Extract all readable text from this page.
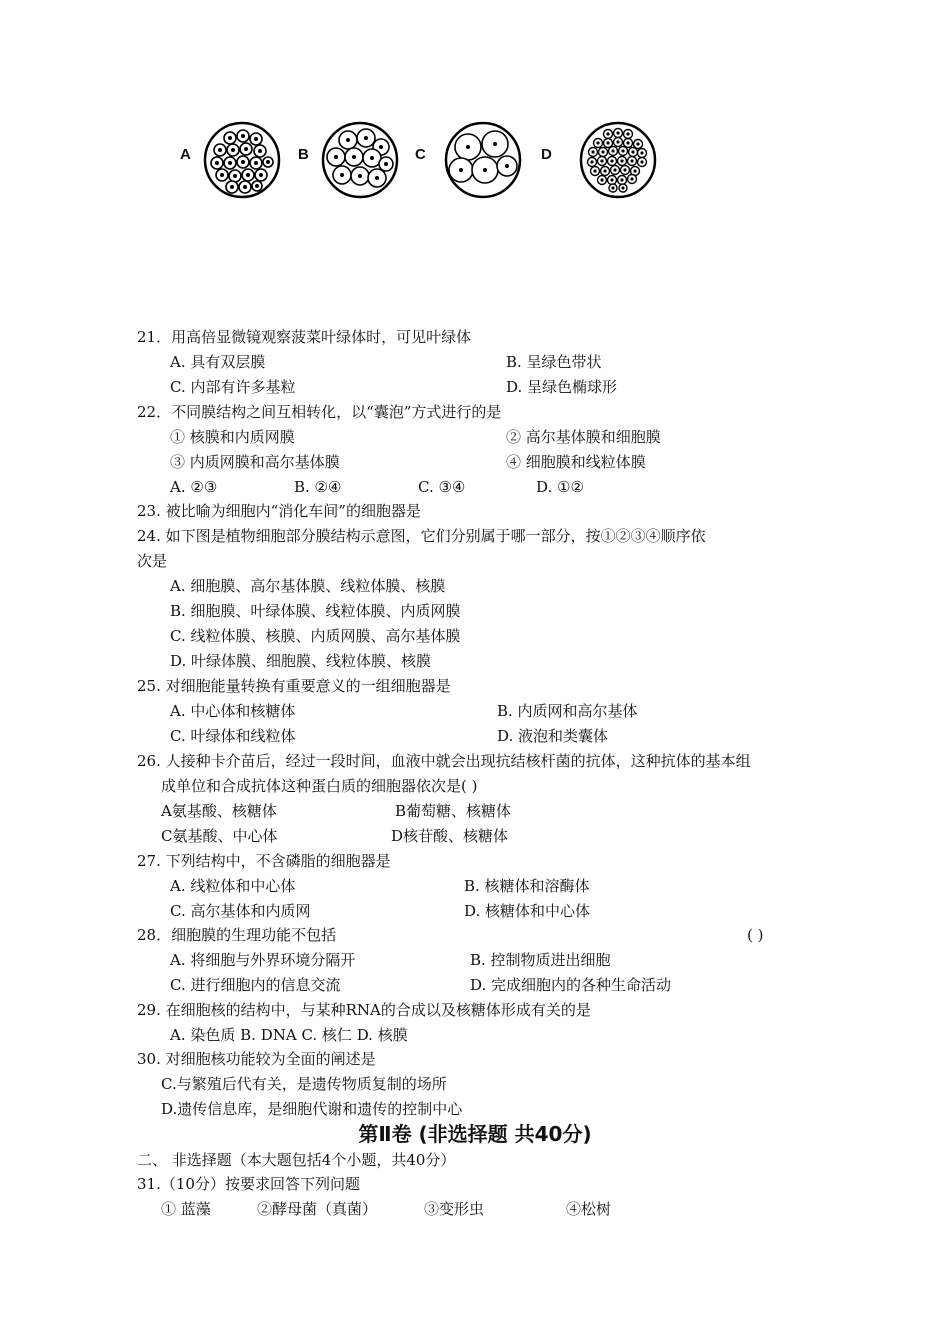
A	B	C	D
21．用高倍显微镜观察菠菜叶绿体时，可见叶绿体
A. 具有双层膜	B. 呈绿色带状
C. 内部有许多基粒	D. 呈绿色椭球形
22．不同膜结构之间互相转化，以“囊泡”方式进行的是
① 核膜和内质网膜	② 高尔基体膜和细胞膜
③ 内质网膜和高尔基体膜	④ 细胞膜和线粒体膜
A. ②③	B. ②④	C. ③④	D. ①②
23. 被比喻为细胞内“消化车间”的细胞器是
24. 如下图是植物细胞部分膜结构示意图，它们分别属于哪一部分，按①②③④顺序依
次是
A. 细胞膜、高尔基体膜、线粒体膜、核膜
B. 细胞膜、叶绿体膜、线粒体膜、内质网膜
C. 线粒体膜、核膜、内质网膜、高尔基体膜
D. 叶绿体膜、细胞膜、线粒体膜、核膜
25. 对细胞能量转换有重要意义的一组细胞器是
A. 中心体和核糖体	B. 内质网和高尔基体
C. 叶绿体和线粒体	D. 液泡和类囊体
26. 人接种卡介苗后，经过一段时间，血液中就会出现抗结核杆菌的抗体，这种抗体的基本组
成单位和合成抗体这种蛋白质的细胞器依次是( )
A氨基酸、核糖体	B葡萄糖、核糖体
C氨基酸、中心体	D核苷酸、核糖体
27. 下列结构中，不含磷脂的细胞器是
A. 线粒体和中心体	B. 核糖体和溶酶体
C. 高尔基体和内质网	D. 核糖体和中心体
28．细胞膜的生理功能不包括	( )
A. 将细胞与外界环境分隔开	B. 控制物质进出细胞
C. 进行细胞内的信息交流	D. 完成细胞内的各种生命活动
29. 在细胞核的结构中，与某种RNA的合成以及核糖体形成有关的是
A. 染色质 B. DNA C. 核仁 D. 核膜
30. 对细胞核功能较为全面的阐述是
C.与繁殖后代有关，是遗传物质复制的场所
D.遗传信息库，是细胞代谢和遗传的控制中心
第Ⅱ卷 (非选择题 共40分)
二、 非选择题（本大题包括4个小题，共40分）
31.（10分）按要求回答下列问题
① 蓝藻	②酵母菌（真菌）	③变形虫	④松树
